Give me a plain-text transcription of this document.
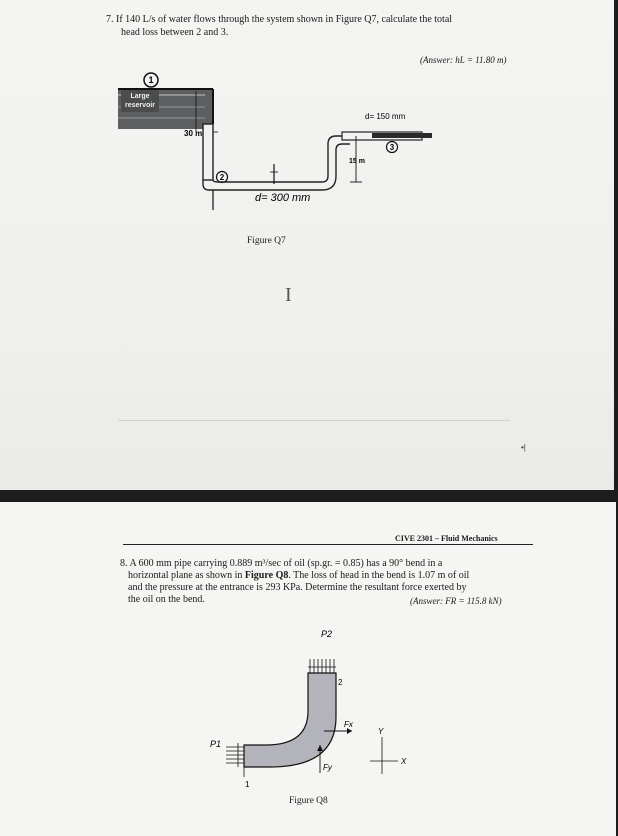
7. If 140 L/s of water flows through the system shown in Figure Q7, calculate the total
head loss between 2 and 3.
(Answer: hL = 11.80 m)
1
Large
reservoir
30 m
2
d= 300 mm
15 m
d= 150 mm
3
Figure Q7
I
•|
CIVE 2301 – Fluid Mechanics
8. A 600 mm pipe carrying 0.889 m³/sec of oil (sp.gr. = 0.85) has a 90° bend in a
horizontal plane as shown in Figure Q8. The loss of head in the bend is 1.07 m of oil
and the pressure at the entrance is 293 KPa. Determine the resultant force exerted by
the oil on the bend.	(Answer: FR = 115.8 kN)
P2
2
P1
1
Fx
Fy
Y
X
Figure Q8
